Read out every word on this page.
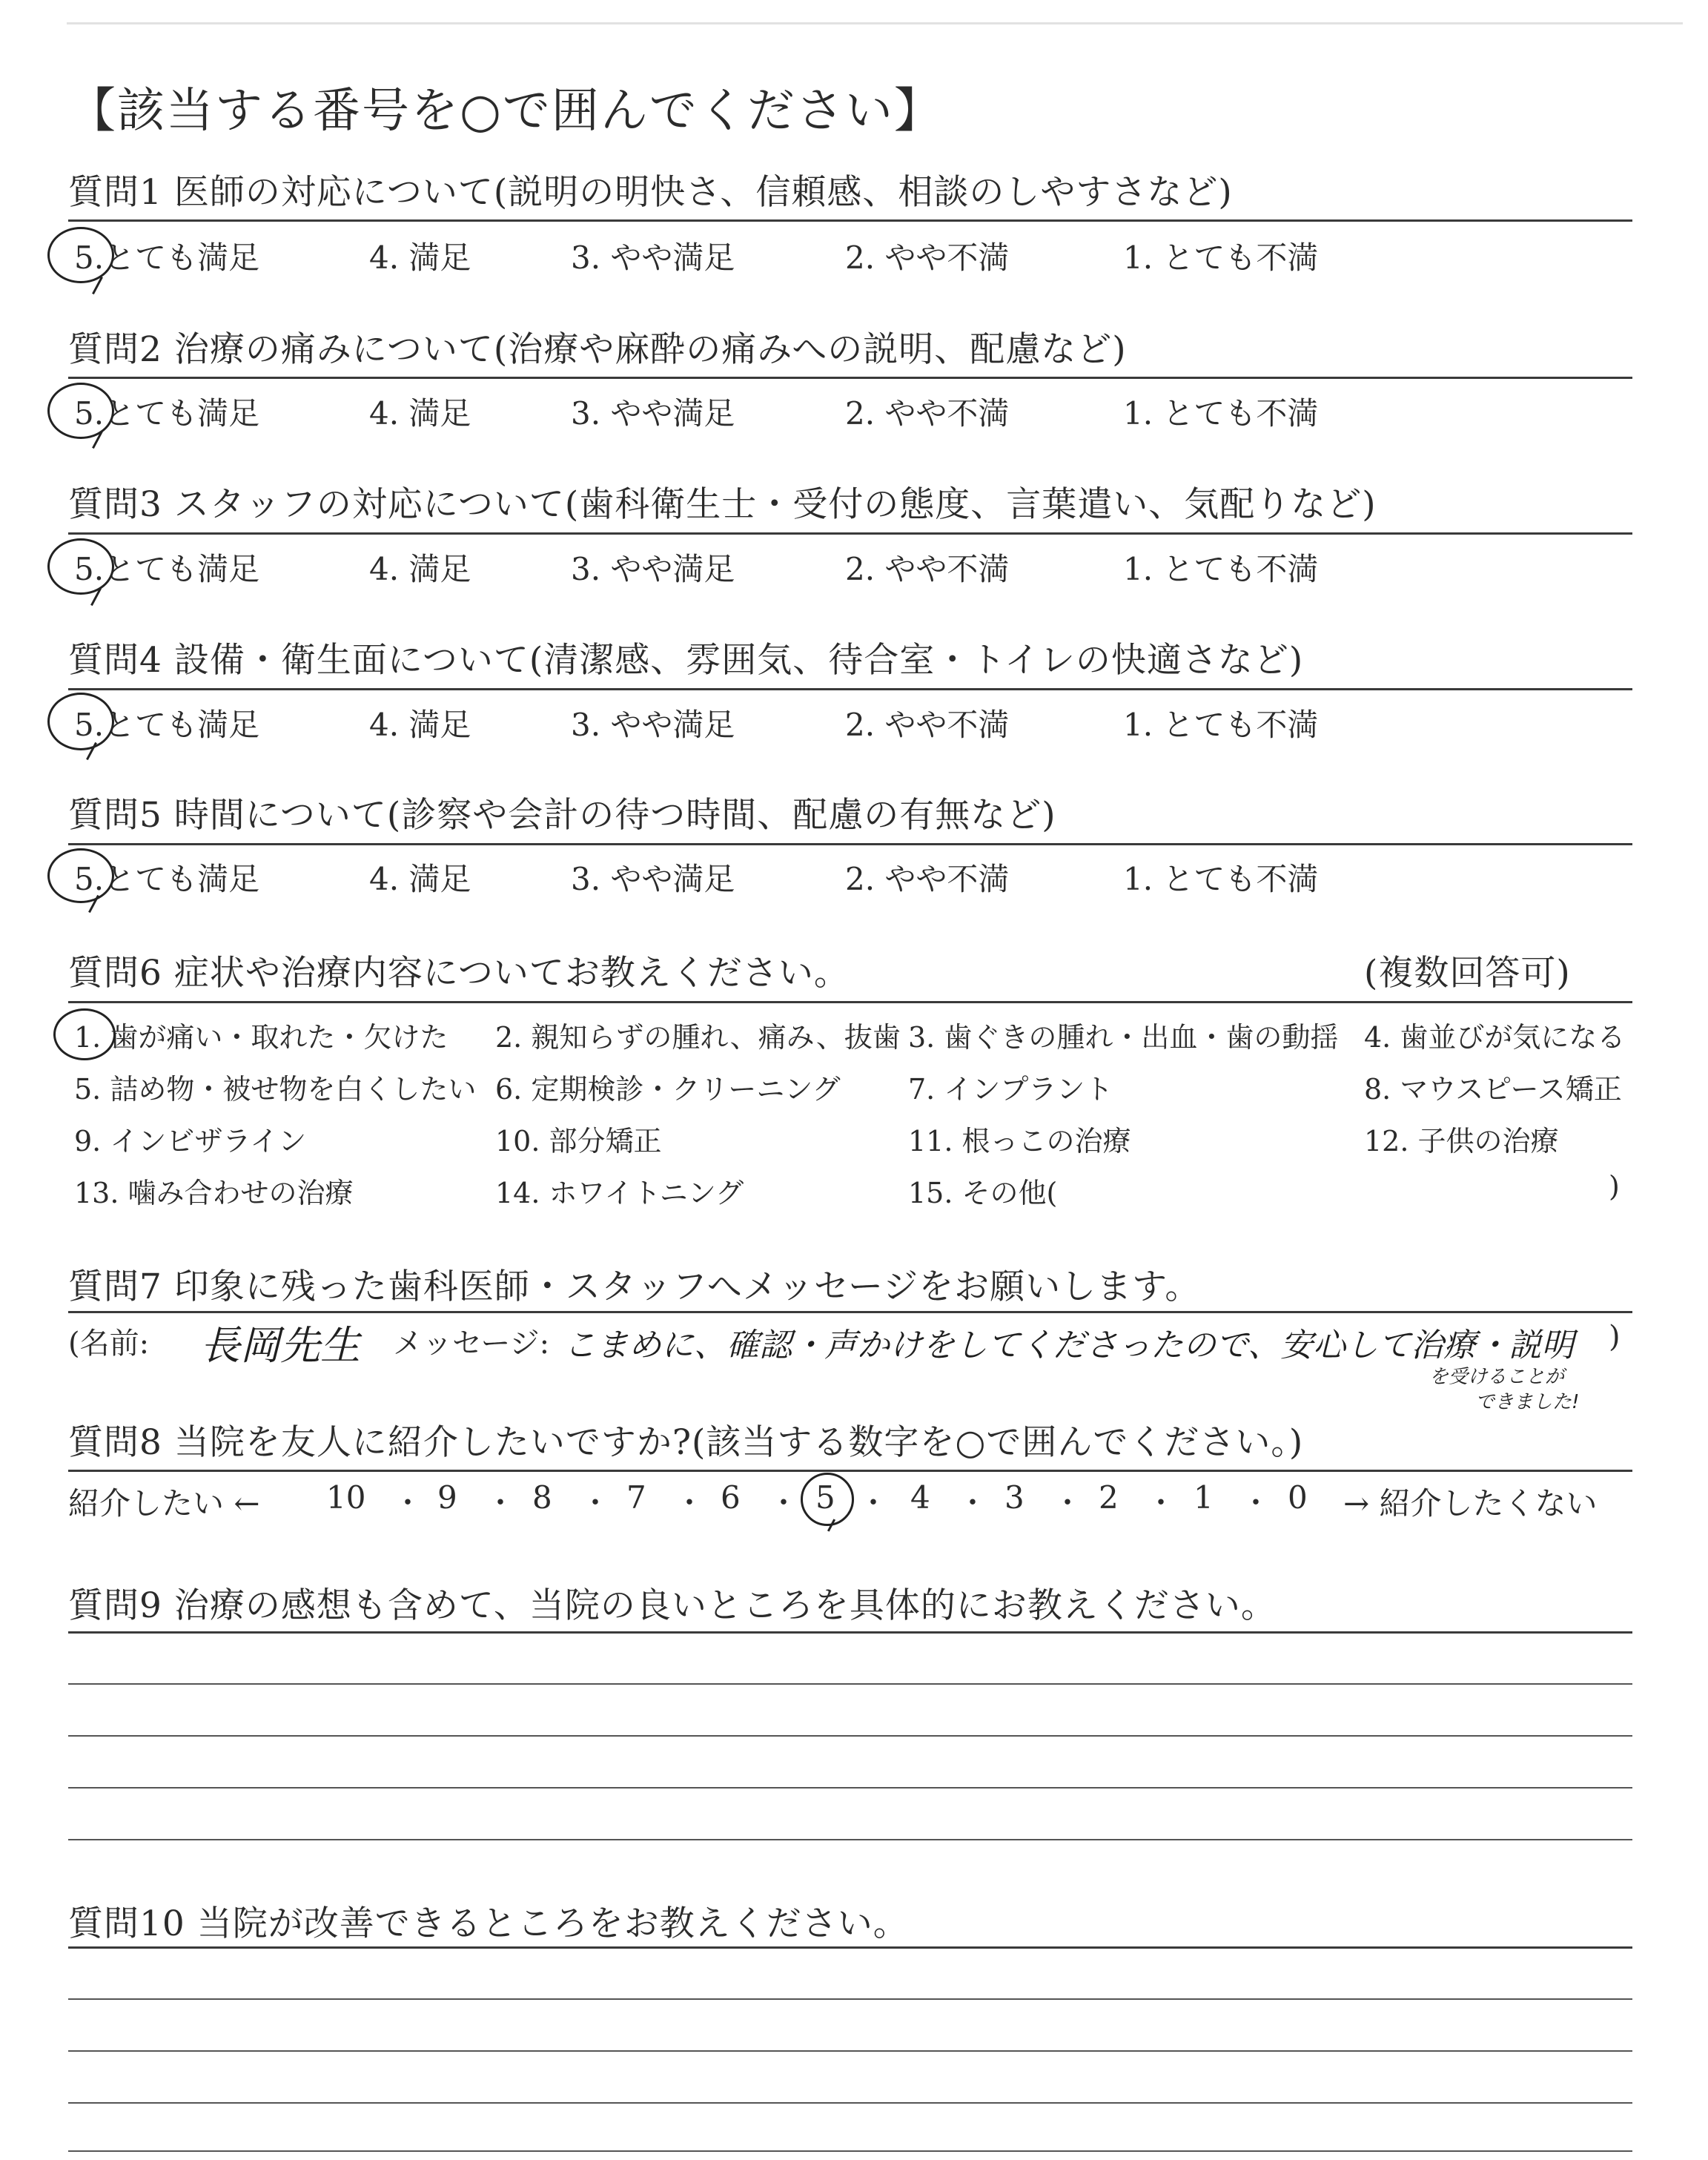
【該当する番号を○で囲んでください】
質問1 医師の対応について(説明の明快さ、信頼感、相談のしやすさなど)
5.とても満足	4. 満足	3. やや満足	2. やや不満	1. とても不満
質問2 治療の痛みについて(治療や麻酔の痛みへの説明、配慮など)
5.とても満足	4. 満足	3. やや満足	2. やや不満	1. とても不満
質問3 スタッフの対応について(歯科衛生士・受付の態度、言葉遣い、気配りなど)
5.とても満足	4. 満足	3. やや満足	2. やや不満	1. とても不満
質問4 設備・衛生面について(清潔感、雰囲気、待合室・トイレの快適さなど)
5.とても満足	4. 満足	3. やや満足	2. やや不満	1. とても不満
質問5 時間について(診察や会計の待つ時間、配慮の有無など)
5.とても満足	4. 満足	3. やや満足	2. やや不満	1. とても不満
質問6 症状や治療内容についてお教えください。	(複数回答可)
1. 歯が痛い・取れた・欠けた 2. 親知らずの腫れ、痛み、抜歯 3. 歯ぐきの腫れ・出血・歯の動揺 4. 歯並びが気になる
5. 詰め物・被せ物を白くしたい 6. 定期検診・クリーニング 7. インプラント	8. マウスピース矯正
9. インビザライン	10. 部分矯正	11. 根っこの治療	12. 子供の治療
13. 噛み合わせの治療	14. ホワイトニング	15. その他(	)
質問7 印象に残った歯科医師・スタッフへメッセージをお願いします。
(名前: 長岡先生 メッセージ: こまめに、確認・声かけをしてくださったので、安心して治療・説明
を受けることが
できました!
)
質問8 当院を友人に紹介したいですか?(該当する数字を○で囲んでください。)
紹介したい ← 10 ・ 9 ・ 8 ・ 7 ・ 6 ・ 5 ・ 4 ・ 3 ・ 2 ・ 1 ・ 0 → 紹介したくない
質問9 治療の感想も含めて、当院の良いところを具体的にお教えください。
質問10 当院が改善できるところをお教えください。
